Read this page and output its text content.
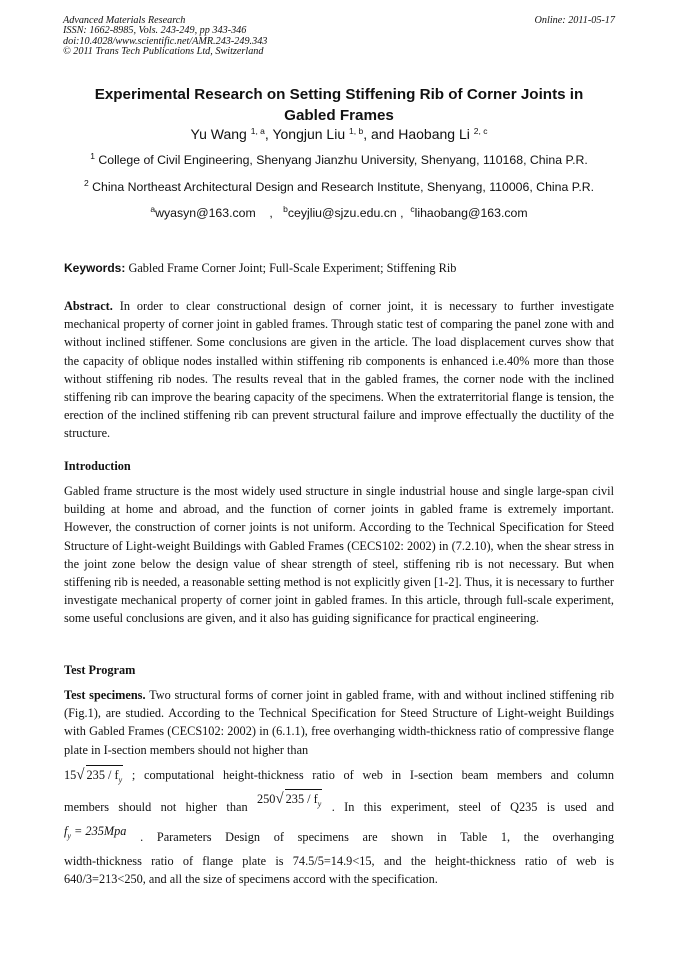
Advanced Materials Research
ISSN: 1662-8985, Vols. 243-249, pp 343-346
doi:10.4028/www.scientific.net/AMR.243-249.343
© 2011 Trans Tech Publications Ltd, Switzerland
Online: 2011-05-17
Experimental Research on Setting Stiffening Rib of Corner Joints in Gabled Frames
Yu Wang $^{1, a}$, Yongjun Liu $^{1, b}$, and Haobang Li $^{2, c}$
$^1$ College of Civil Engineering, Shenyang Jianzhu University, Shenyang, 110168, China P.R.
$^2$ China Northeast Architectural Design and Research Institute, Shenyang, 110006, China P.R.
$^a$wyasyn@163.com    ,   $^b$ceyjliu@sjzu.edu.cn ,  $^c$lihaobang@163.com
Keywords: Gabled Frame Corner Joint; Full-Scale Experiment; Stiffening Rib
Abstract. In order to clear constructional design of corner joint, it is necessary to further investigate mechanical property of corner joint in gabled frames. Through static test of comparing the panel zone with and without inclined stiffener. Some conclusions are given in the article. The load displacement curves show that the capacity of oblique nodes installed within stiffening rib components is enhanced i.e.40% more than those without stiffening rib nodes. The results reveal that in the gabled frames, the corner node with the inclined stiffening rib can improve the bearing capacity of the specimens. When the extraterritorial flange is tension, the erection of the inclined stiffening rib can prevent structural failure and improve effectually the ductility of the structure.
Introduction
Gabled frame structure is the most widely used structure in single industrial house and single large-span civil building at home and abroad, and the function of corner joints in gabled frame is extremely important. However, the construction of corner joints is not uniform. According to the Technical Specification for Steed Structure of Light-weight Buildings with Gabled Frames (CECS102: 2002) in (7.2.10), when the shear stress in the joint zone below the design value of shear strength of steel, stiffening rib is not necessary. But when stiffening rib is needed, a reasonable setting method is not explicitly given [1-2]. Thus, it is necessary to further investigate mechanical property of corner joint in gabled frames. In this article, through full-scale experiment, some useful conclusions are given, and it also has guiding significance for practical engineering.
Test Program
Test specimens. Two structural forms of corner joint in gabled frame, with and without inclined stiffening rib (Fig.1), are studied. According to the Technical Specification for Steed Structure of Light-weight Buildings with Gabled Frames (CECS102: 2002) in (6.1.1), free overhanging width-thickness ratio of compressive flange plate in I-section members should not higher than
15√ $235 / f_y$ ; computational height-thickness ratio of web in I-section beam members and column
members should not higher than 250√ $235 / f_y$ . In this experiment, steel of Q235 is used and
$f_y = 235Mpa$ . Parameters Design of specimens are shown in Table 1, the overhanging
width-thickness ratio of flange plate is 74.5/5=14.9<15, and the height-thickness ratio of web is
640/3=213<250, and all the size of specimens accord with the specification.
